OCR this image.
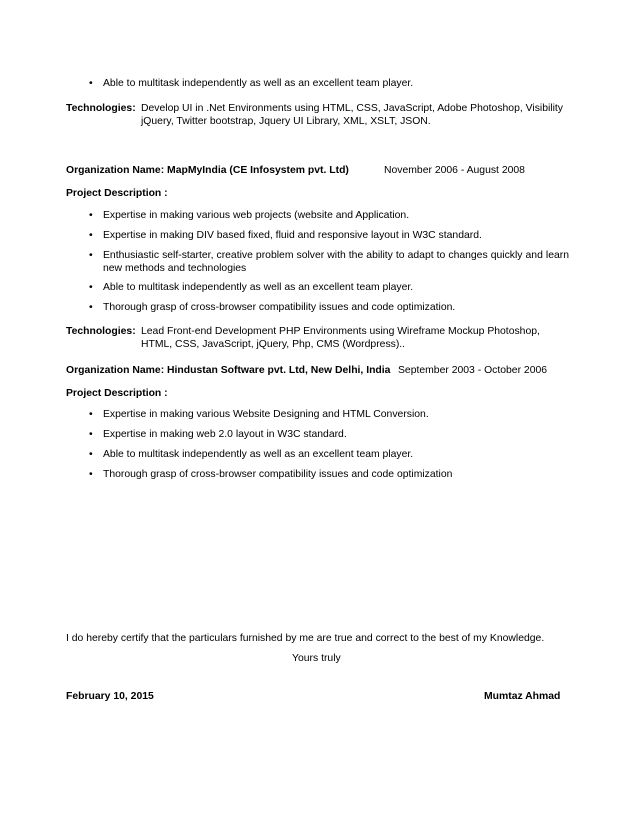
• Able to multitask independently as well as an excellent team player.
Technologies: Develop UI in .Net Environments using HTML, CSS, JavaScript, Adobe Photoshop, Visibility
jQuery, Twitter bootstrap, Jquery UI Library, XML, XSLT, JSON.
Organization Name: MapMyIndia (CE Infosystem pvt. Ltd)	November 2006 - August 2008
Project Description :
• Expertise in making various web projects (website and Application.
• Expertise in making DIV based fixed, fluid and responsive layout in W3C standard.
• Enthusiastic self-starter, creative problem solver with the ability to adapt to changes quickly and learn new methods and technologies
• Able to multitask independently as well as an excellent team player.
• Thorough grasp of cross-browser compatibility issues and code optimization.
Technologies: Lead Front-end Development PHP Environments using Wireframe Mockup Photoshop,
HTML, CSS, JavaScript, jQuery, Php, CMS (Wordpress)..
Organization Name: Hindustan Software pvt. Ltd, New Delhi, India September 2003 - October 2006
Project Description :
• Expertise in making various Website Designing and HTML Conversion.
• Expertise in making web 2.0 layout in W3C standard.
• Able to multitask independently as well as an excellent team player.
• Thorough grasp of cross-browser compatibility issues and code optimization
I do hereby certify that the particulars furnished by me are true and correct to the best of my Knowledge.
Yours truly
February 10, 2015	Mumtaz Ahmad
